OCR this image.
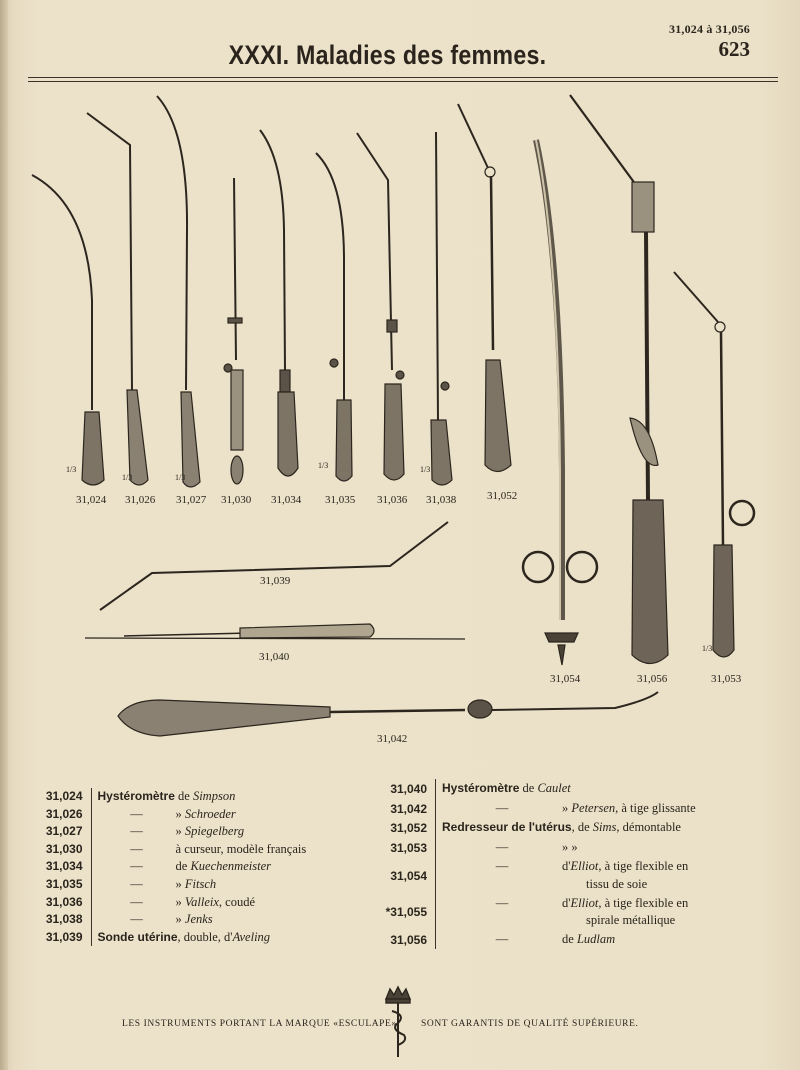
31,024 à 31,056
623
XXXI. Maladies des femmes.
31,024 31,026 31,027 31,030 31,034 31,035 31,036 31,038	31,052
31,039
31,040
31,042
31,054	31,056	31,053
1/3
1/3	1/3
1/3	1/3
1/3
31,024	Hystéromètre de Simpson
31,026	— » Schroeder
31,027	— » Spiegelberg
31,030	— à curseur, modèle français
31,034	— de Kuechenmeister
31,035	— » Fitsch
31,036	— » Valleix, coudé
31,038	— » Jenks
31,039	Sonde utérine, double, d'Aveling
31,040	Hystéromètre de Caulet

31,042	— » Petersen, à tige glissante

31,052	Redresseur de l'utérus, de Sims, démontable

31,053	— » »

31,054	— d'Elliot, à tige flexible en
tissu de soie

*31,055	— d'Elliot, à tige flexible en
spirale métallique

31,056	— de Ludlam
LES INSTRUMENTS PORTANT LA MARQUE «ESCULAPE»	SONT GARANTIS DE QUALITÉ SUPÉRIEURE.
